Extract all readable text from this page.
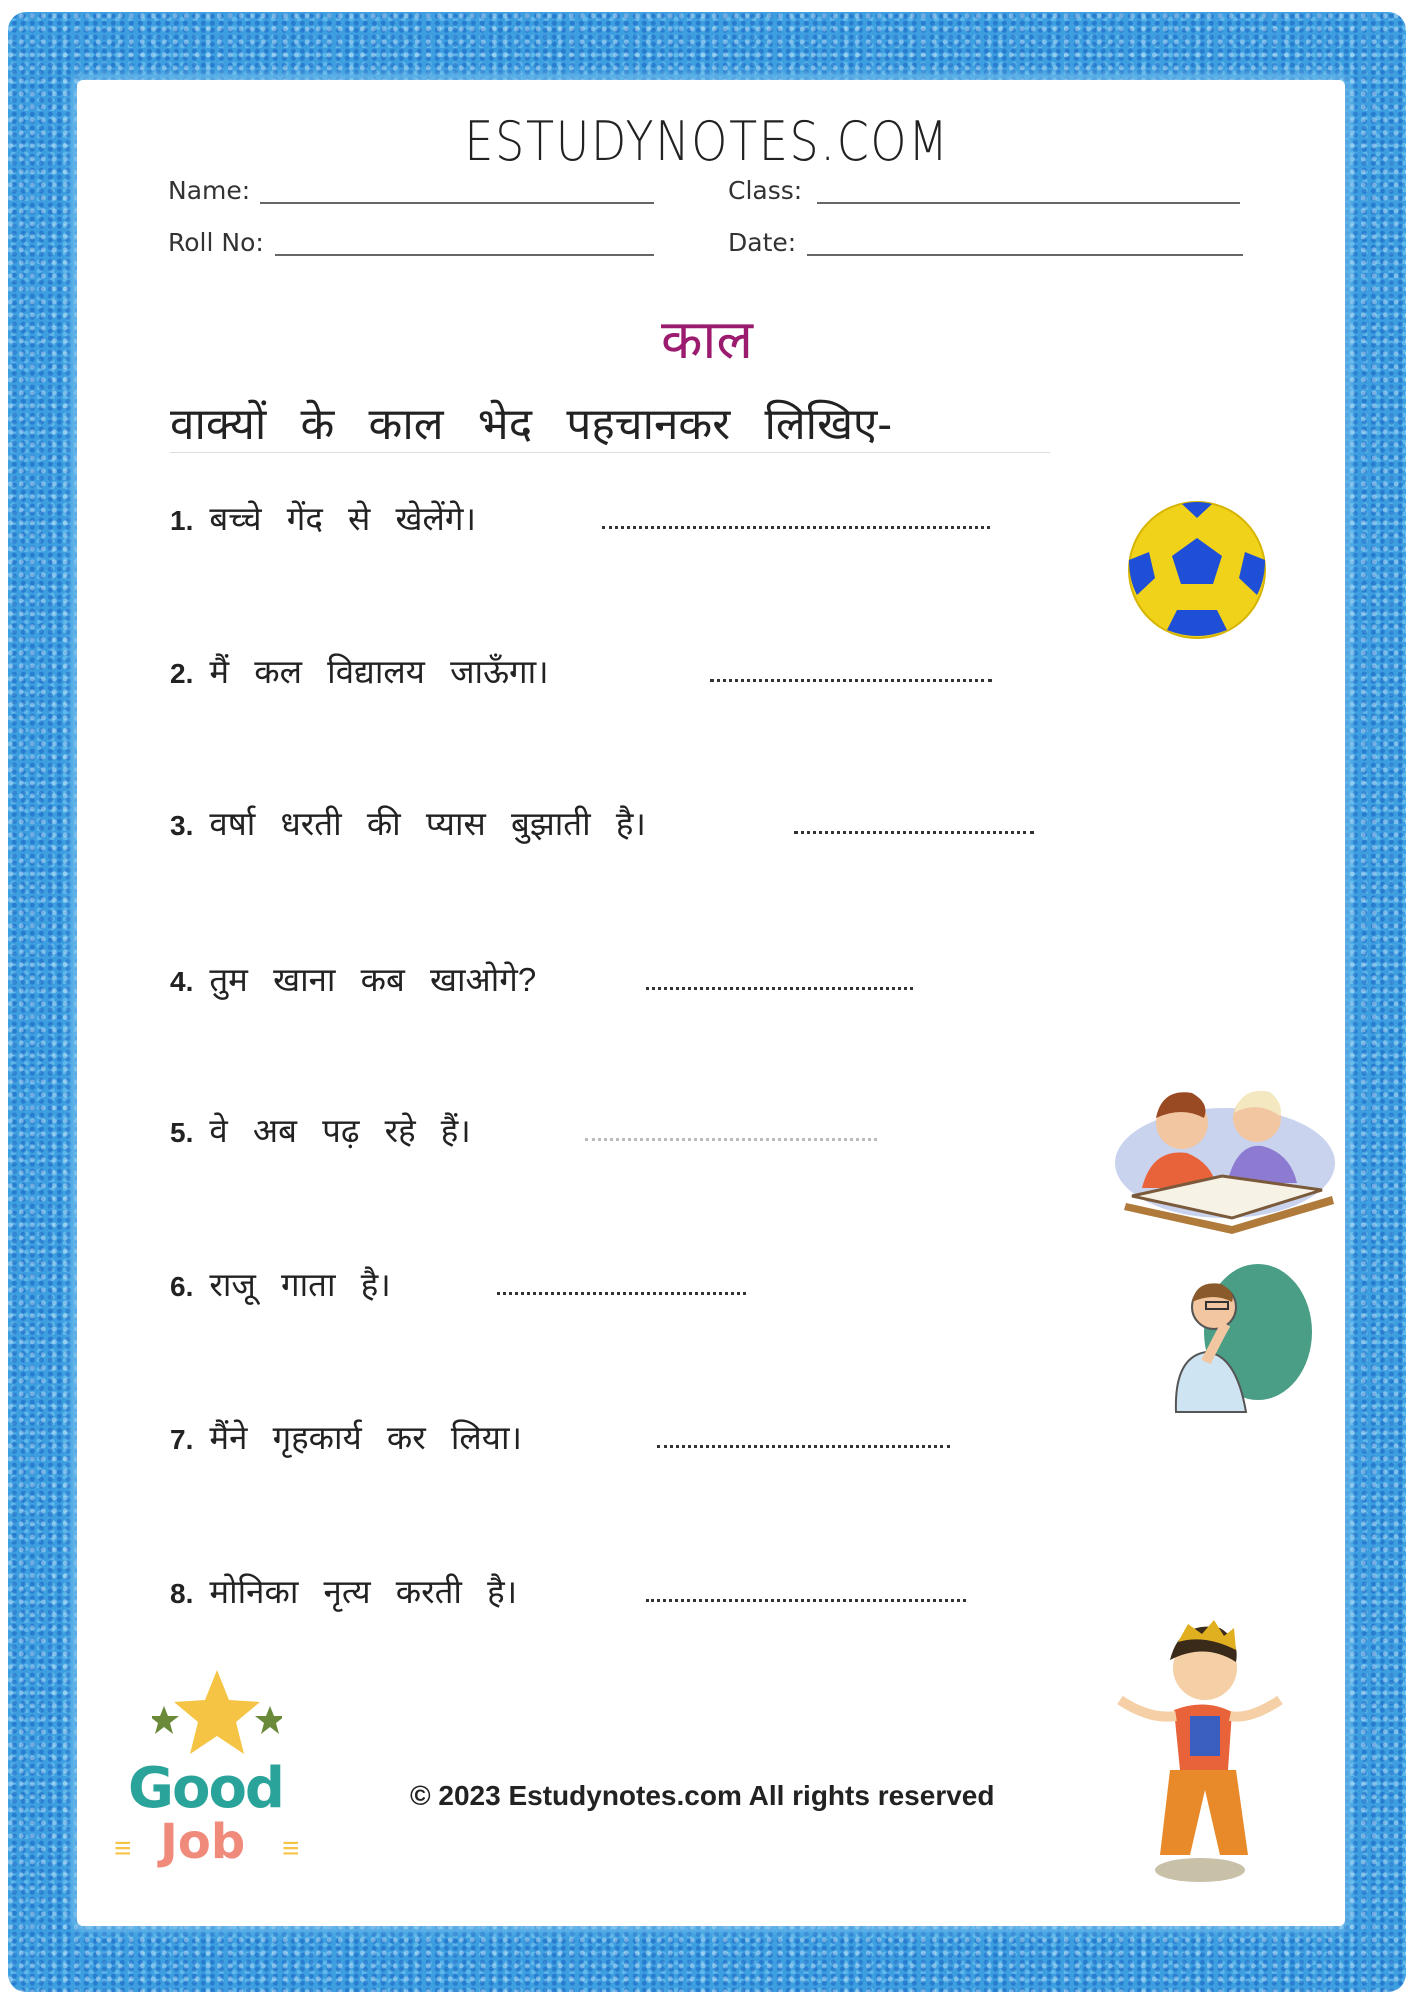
ESTUDYNOTES.COM
Name:	Class:
Roll No:	Date:
काल
वाक्यों के काल भेद पहचानकर लिखिए-
1. बच्चे गेंद से खेलेंगे।
2. मैं कल विद्यालय जाऊँगा।
3. वर्षा धरती की प्यास बुझाती है।
4. तुम खाना कब खाओगे?
5. वे अब पढ़ रहे हैं।
6. राजू गाता है।
7. मैंने गृहकार्य कर लिया।
8. मोनिका नृत्य करती है।
Good
Job
≡	≡
© 2023 Estudynotes.com All rights reserved
